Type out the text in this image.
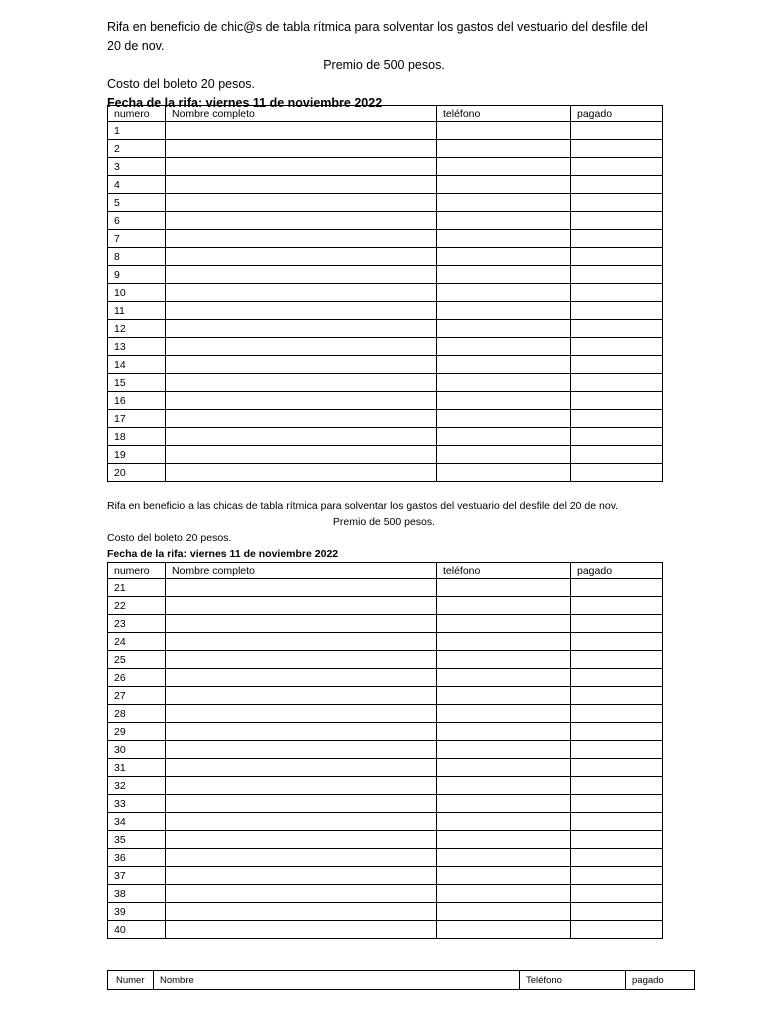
Rifa en beneficio de chic@s de tabla rítmica para solventar los gastos del vestuario del desfile del
20 de nov.
Premio de 500 pesos.
Costo del boleto 20 pesos.
Fecha de la rifa: viernes 11 de noviembre 2022
numero	Nombre completo	teléfono	pagado
1			
2			
3			
4			
5			
6			
7			
8			
9			
10			
11			
12			
13			
14			
15			
16			
17			
18			
19			
20			
Rifa en beneficio a las chicas de tabla rítmica para solventar los gastos del vestuario del desfile del 20 de nov.
Premio de 500 pesos.
Costo del boleto 20 pesos.
Fecha de la rifa: viernes 11 de noviembre 2022
numero	Nombre completo	teléfono	pagado
21			
22			
23			
24			
25			
26			
27			
28			
29			
30			
31			
32			
33			
34			
35			
36			
37			
38			
39			
40			
Numer	Nombre	Teléfono	pagado
